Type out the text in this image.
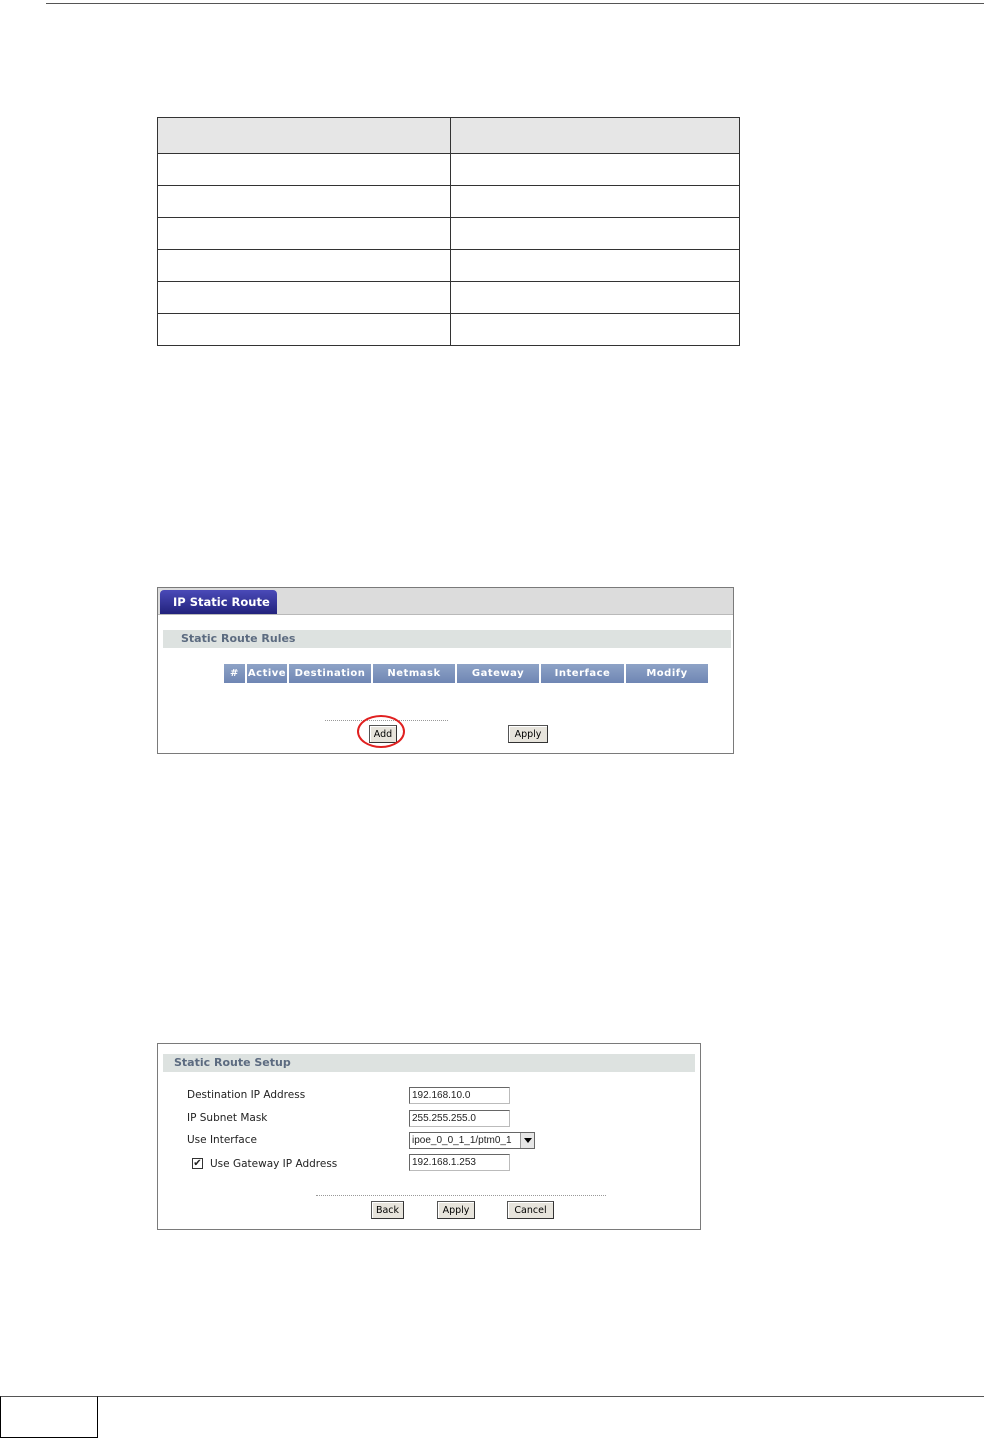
IP Static Route
Static Route Rules
# Active Destination	Netmask	Gateway	Interface	Modify
Add	Apply
Static Route Setup
Destination IP Address	192.168.10.0
IP Subnet Mask	255.255.255.0
Use Interface	ipoe_0_0_1_1/ptm0_1
✔ Use Gateway IP Address	192.168.1.253
Back	Apply	Cancel
